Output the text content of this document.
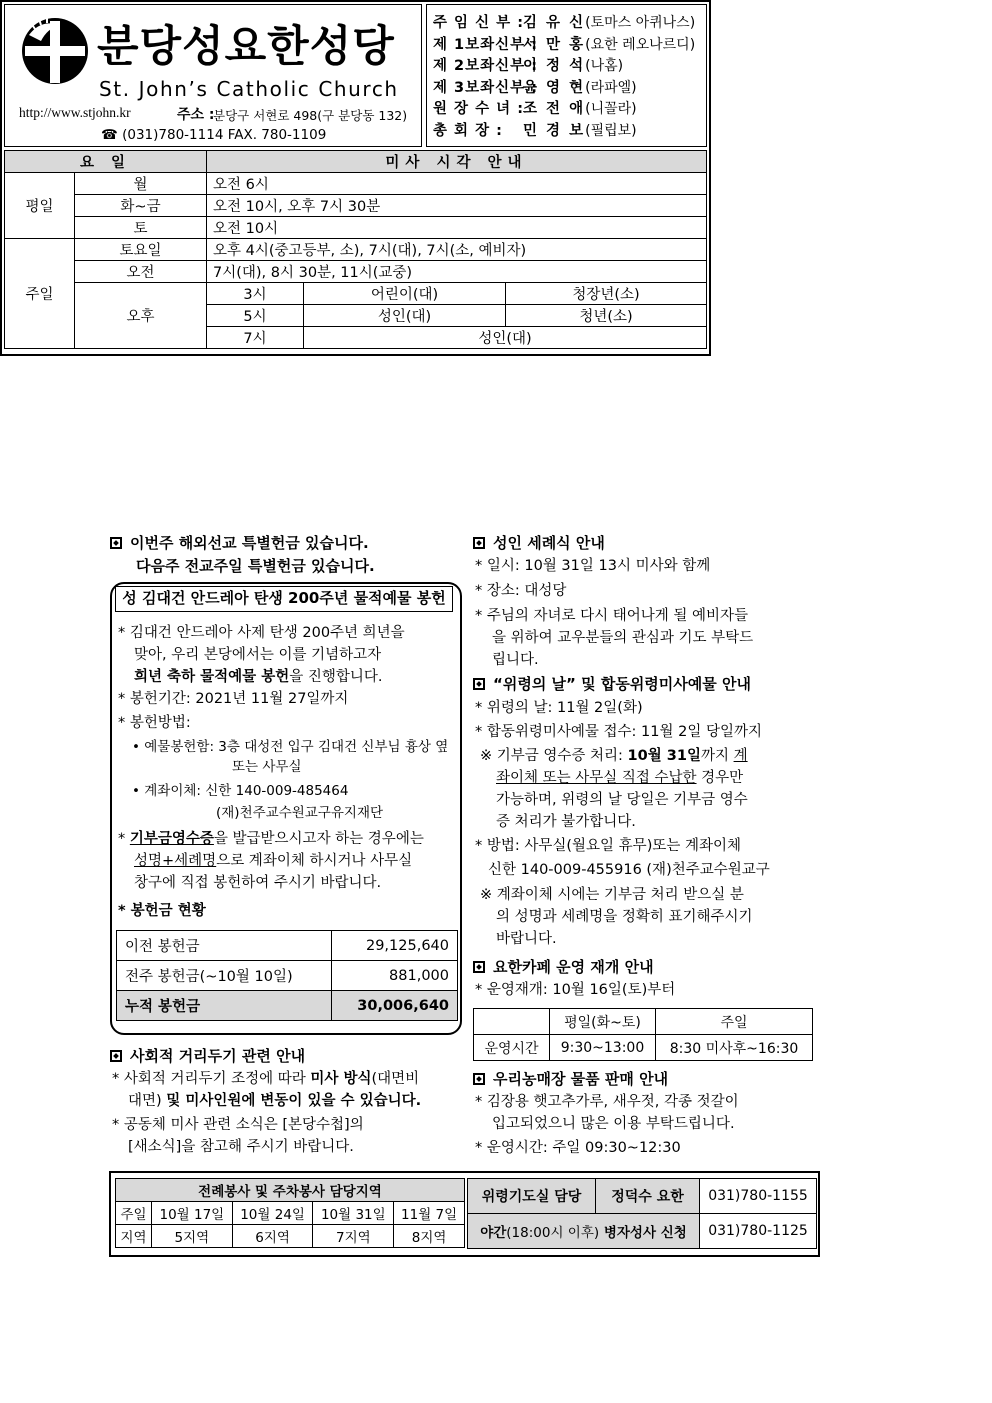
분당성요한성당
St. John’s Catholic Church
http://www.stjohn.kr	주소 :
분당구 서현로 498(구 분당동 132)
☎ (031)780-1114 FAX. 780-1109
주 임 신 부 :김 유 신(토마스 아퀴나스)
제 1보좌신부 :서 만 홍(요한 레오나르디)
제 2보좌신부 :이 정 석(나홈)
제 3보좌신부 :윤 영 현(라파엘)
원 장 수 녀 :조 전 애(니꼴라)
총 회 장 : 민 경 보(필립보)
요 일		미사 시각 안내		
평일	월	오전 6시		
	화~금	오전 10시, 오후 7시 30분		
	토	오전 10시		
주일	토요일	오후 4시(중고등부, 소), 7시(대), 7시(소, 예비자)		
	오전	7시(대), 8시 30분, 11시(교중)		
	오후	3시	어린이(대)	청장년(소)
		5시	성인(대)	청년(소)
		7시	성인(대)	
이번주 해외선교 특별헌금 있습니다.
다음주 전교주일 특별헌금 있습니다.
성 김대건 안드레아 탄생 200주년 물적예물 봉헌
* 김대건 안드레아 사제 탄생 200주년 희년을
맞아, 우리 본당에서는 이를 기념하고자
희년 축하 물적예물 봉헌을 진행합니다.
* 봉헌기간: 2021년 11월 27일까지
* 봉헌방법:
• 예물봉헌함: 3층 대성전 입구 김대건 신부님 흉상 옆
또는 사무실
• 계좌이체: 신한 140-009-485464
(재)천주교수원교구유지재단
* 기부금영수증을 발급받으시고자 하는 경우에는
성명+세례명으로 계좌이체 하시거나 사무실
창구에 직접 봉헌하여 주시기 바랍니다.
* 봉헌금 현황
이전 봉헌금	29,125,640
전주 봉헌금(~10월 10일)	881,000
누적 봉헌금	30,006,640
사회적 거리두기 관련 안내
* 사회적 거리두기 조정에 따라 미사 방식(대면비
대면) 및 미사인원에 변동이 있을 수 있습니다.
* 공동체 미사 관련 소식은 [본당수첩]의
[새소식]을 참고해 주시기 바랍니다.
성인 세례식 안내
* 일시: 10월 31일 13시 미사와 함께
* 장소: 대성당
* 주님의 자녀로 다시 태어나게 될 예비자들
을 위하여 교우분들의 관심과 기도 부탁드
립니다.
“위령의 날” 및 합동위령미사예물 안내
* 위령의 날: 11월 2일(화)
* 합동위령미사예물 접수: 11월 2일 당일까지
※ 기부금 영수증 처리: 10월 31일까지 계
좌이체 또는 사무실 직접 수납한 경우만
가능하며, 위령의 날 당일은 기부금 영수
증 처리가 불가합니다.
* 방법: 사무실(월요일 휴무)또는 계좌이체
신한 140-009-455916 (재)천주교수원교구
※ 계좌이체 시에는 기부금 처리 받으실 분
의 성명과 세례명을 정확히 표기해주시기
바랍니다.
요한카페 운영 재개 안내
* 운영재개: 10월 16일(토)부터
	평일(화~토)	주일
운영시간	9:30~13:00	8:30 미사후~16:30
우리농매장 물품 판매 안내
* 김장용 햇고추가루, 새우젓, 각종 젓갈이
입고되었으니 많은 이용 부탁드립니다.
* 운영시간: 주일 09:30~12:30
전례봉사 및 주차봉사 담당지역				
주일	10월 17일	10월 24일	10월 31일	11월 7일
지역	5지역	6지역	7지역	8지역
위령기도실 담당	정덕수 요한	031)780-1155
야간(18:00시 이후) 병자성사 신청		031)780-1125
